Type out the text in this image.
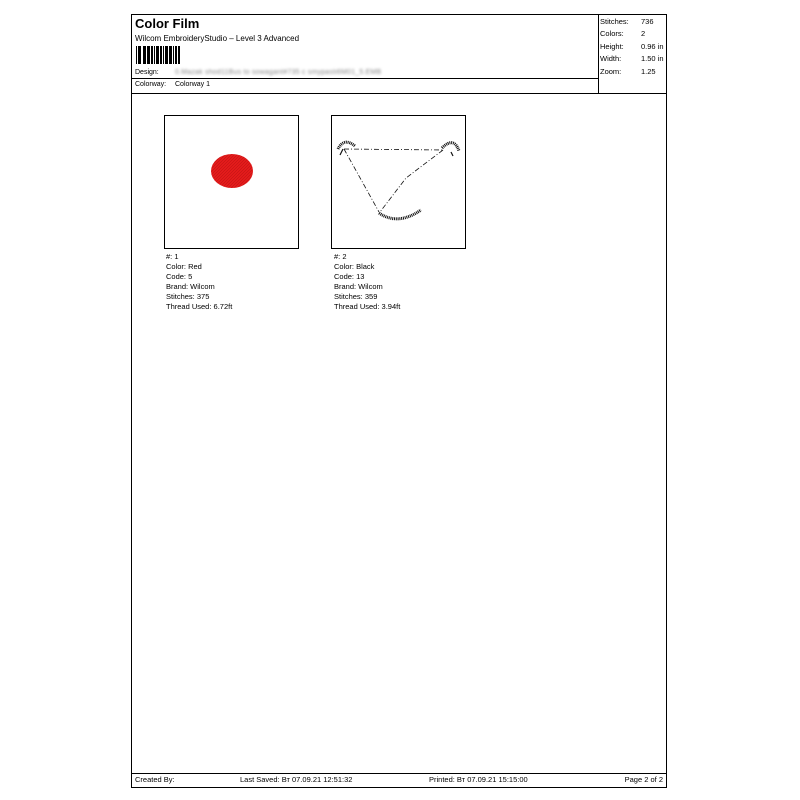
Color Film
Wilcom EmbroideryStudio – Level 3 Advanced
Design: 0.Mazak shod11Bus to sowagant#735 c smypasti6M01_5.EMB
Colorway: Colorway 1
Stitches:	736
Colors:	2
Height:	0.96 in
Width:	1.50 in
Zoom:	1.25
#: 1
Color: Red
Code: 5
Brand: Wilcom
Stitches: 375
Thread Used: 6.72ft
#: 2
Color: Black
Code: 13
Brand: Wilcom
Stitches: 359
Thread Used: 3.94ft
Created By:	Last Saved: Вт 07.09.21 12:51:32	Printed: Вт 07.09.21 15:15:00	Page 2 of 2
